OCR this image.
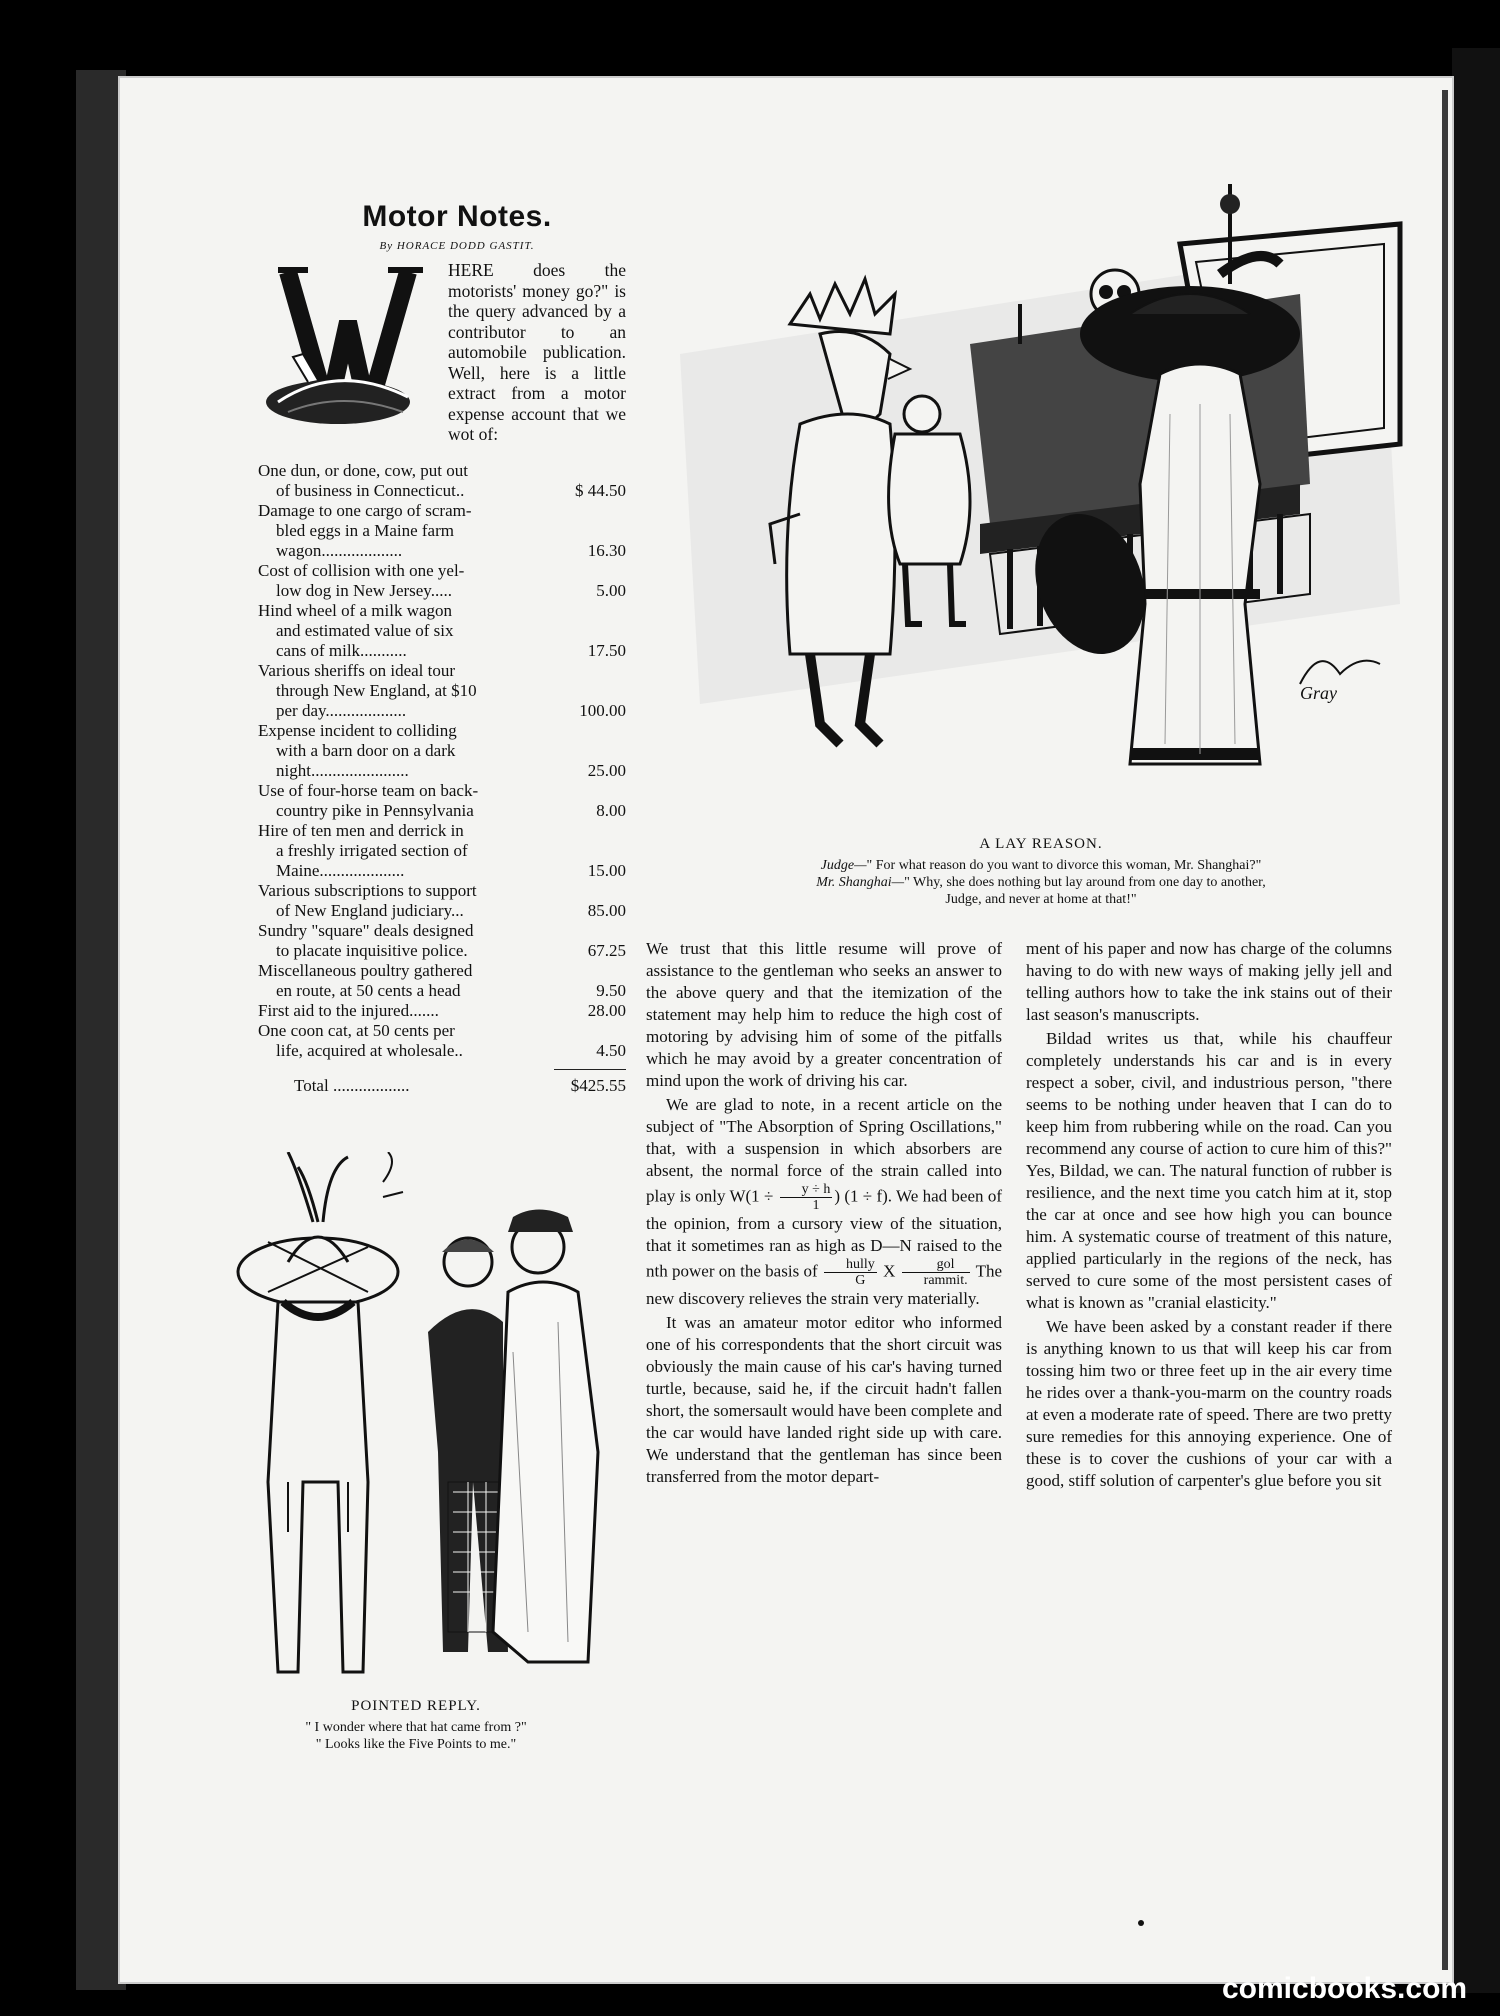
Motor Notes.
By HORACE DODD GASTIT.
HERE does the motorists' money go?" is the query advanced by a contributor to an automobile publication. Well, here is a little extract from a motor expense account that we wot of:
One dun, or done, cow, put out
of business in Connecticut..	$ 44.50
Damage to one cargo of scram-
bled eggs in a Maine farm
wagon...................	16.30
Cost of collision with one yel-
low dog in New Jersey.....	5.00
Hind wheel of a milk wagon
and estimated value of six
cans of milk...........	17.50
Various sheriffs on ideal tour
through New England, at $10
per day...................	100.00
Expense incident to colliding
with a barn door on a dark
night.......................	25.00
Use of four-horse team on back-
country pike in Pennsylvania	8.00
Hire of ten men and derrick in
a freshly irrigated section of
Maine....................	15.00
Various subscriptions to support
of New England judiciary...	85.00
Sundry "square" deals designed
to placate inquisitive police.	67.25
Miscellaneous poultry gathered
en route, at 50 cents a head	9.50
First aid to the injured.......	28.00
One coon cat, at 50 cents per
life, acquired at wholesale..	4.50
Total ..................	$425.55
POINTED REPLY.
" I wonder where that hat came from ?"
" Looks like the Five Points to me."
Gray
A LAY REASON.
Judge—" For what reason do you want to divorce this woman, Mr. Shanghai?"
Mr. Shanghai—" Why, she does nothing but lay around from one day to another,
Judge, and never at home at that!"

We trust that this little resume will prove of assistance to the gentleman who seeks an answer to the above query and that the itemization of the statement may help him to reduce the high cost of motoring by advising him of some of the pitfalls which he may avoid by a greater concentration of mind upon the work of driving his car.

We are glad to note, in a recent article on the subject of "The Absorption of Spring Oscillations," that, with a suspension in which absorbers are absent, the normal force of the strain called into play is only $W(1 \div \frac{y \div h}{1}$ ) (1 ÷ f). We had been of the opinion, from a cursory view of the situation, that it sometimes ran as high as D—N raised to the nth power on the basis of $\frac{\text{hully}}{G}$ X $\frac{\text{gol}}{\text{rammit.}}$ The new discovery relieves the strain very materially.

It was an amateur motor editor who informed one of his correspondents that the short circuit was obviously the main cause of his car's having turned turtle, because, said he, if the circuit hadn't fallen short, the somersault would have been complete and the car would have landed right side up with care. We understand that the gentleman has since been transferred from the motor depart-

ment of his paper and now has charge of the columns having to do with new ways of making jelly jell and telling authors how to take the ink stains out of their last season's manuscripts.

Bildad writes us that, while his chauffeur completely understands his car and is in every respect a sober, civil, and industrious person, "there seems to be nothing under heaven that I can do to keep him from rubbering while on the road. Can you recommend any course of action to cure him of this?" Yes, Bildad, we can. The natural function of rubber is resilience, and the next time you catch him at it, stop the car at once and see how high you can bounce him. A systematic course of treatment of this nature, applied particularly in the regions of the neck, has served to cure some of the most persistent cases of what is known as "cranial elasticity."

We have been asked by a constant reader if there is anything known to us that will keep his car from tossing him two or three feet up in the air every time he rides over a thank-you-marm on the country roads at even a moderate rate of speed. There are two pretty sure remedies for this annoying experience. One of these is to cover the cushions of your car with a good, stiff solution of carpenter's glue before you sit

comicbooks.com
